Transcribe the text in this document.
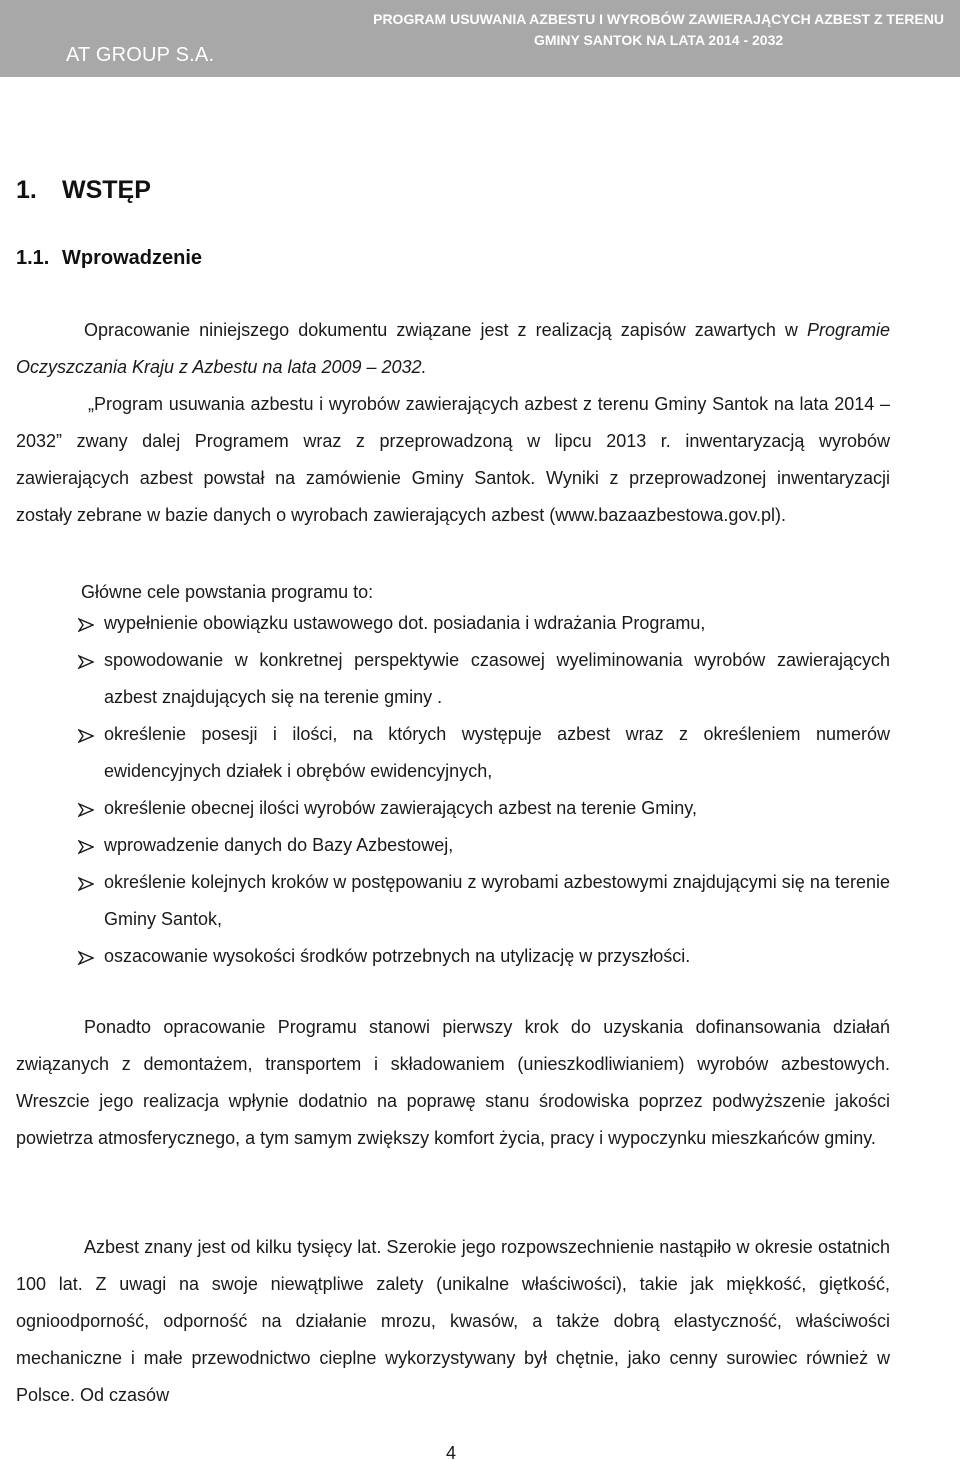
AT GROUP S.A.
PROGRAM USUWANIA AZBESTU I WYROBÓW ZAWIERAJĄCYCH AZBEST Z TERENU
GMINY SANTOK NA LATA 2014 - 2032
1. WSTĘP
1.1. Wprowadzenie

Opracowanie niniejszego dokumentu związane jest z realizacją zapisów zawartych w Programie Oczyszczania Kraju z Azbestu na lata 2009 – 2032.

„Program usuwania azbestu i wyrobów zawierających azbest z terenu Gminy Santok na lata 2014 – 2032” zwany dalej Programem wraz z przeprowadzoną w lipcu 2013 r. inwentaryzacją wyrobów zawierających azbest powstał na zamówienie Gminy Santok. Wyniki z przeprowadzonej inwentaryzacji zostały zebrane w bazie danych o wyrobach zawierających azbest (www.bazaazbestowa.gov.pl).

Główne cele powstania programu to:
wypełnienie obowiązku ustawowego dot. posiadania i wdrażania Programu,
spowodowanie w konkretnej perspektywie czasowej wyeliminowania wyrobów zawierających azbest znajdujących się na terenie gminy .
określenie posesji i ilości, na których występuje azbest wraz z określeniem numerów ewidencyjnych działek i obrębów ewidencyjnych,
określenie obecnej ilości wyrobów zawierających azbest na terenie Gminy,
wprowadzenie danych do Bazy Azbestowej,
określenie kolejnych kroków w postępowaniu z wyrobami azbestowymi znajdującymi się na terenie Gminy Santok,
oszacowanie wysokości środków potrzebnych na utylizację w przyszłości.

Ponadto opracowanie Programu stanowi pierwszy krok do uzyskania dofinansowania działań związanych z demontażem, transportem i składowaniem (unieszkodliwianiem) wyrobów azbestowych. Wreszcie jego realizacja wpłynie dodatnio na poprawę stanu środowiska poprzez podwyższenie jakości powietrza atmosferycznego, a tym samym zwiększy komfort życia, pracy i wypoczynku mieszkańców gminy.

Azbest znany jest od kilku tysięcy lat. Szerokie jego rozpowszechnienie nastąpiło w okresie ostatnich 100 lat. Z uwagi na swoje niewątpliwe zalety (unikalne właściwości), takie jak miękkość, giętkość, ognioodporność, odporność na działanie mrozu, kwasów, a także dobrą elastyczność, właściwości mechaniczne i małe przewodnictwo cieplne wykorzystywany był chętnie, jako cenny surowiec również w Polsce. Od czasów

4
